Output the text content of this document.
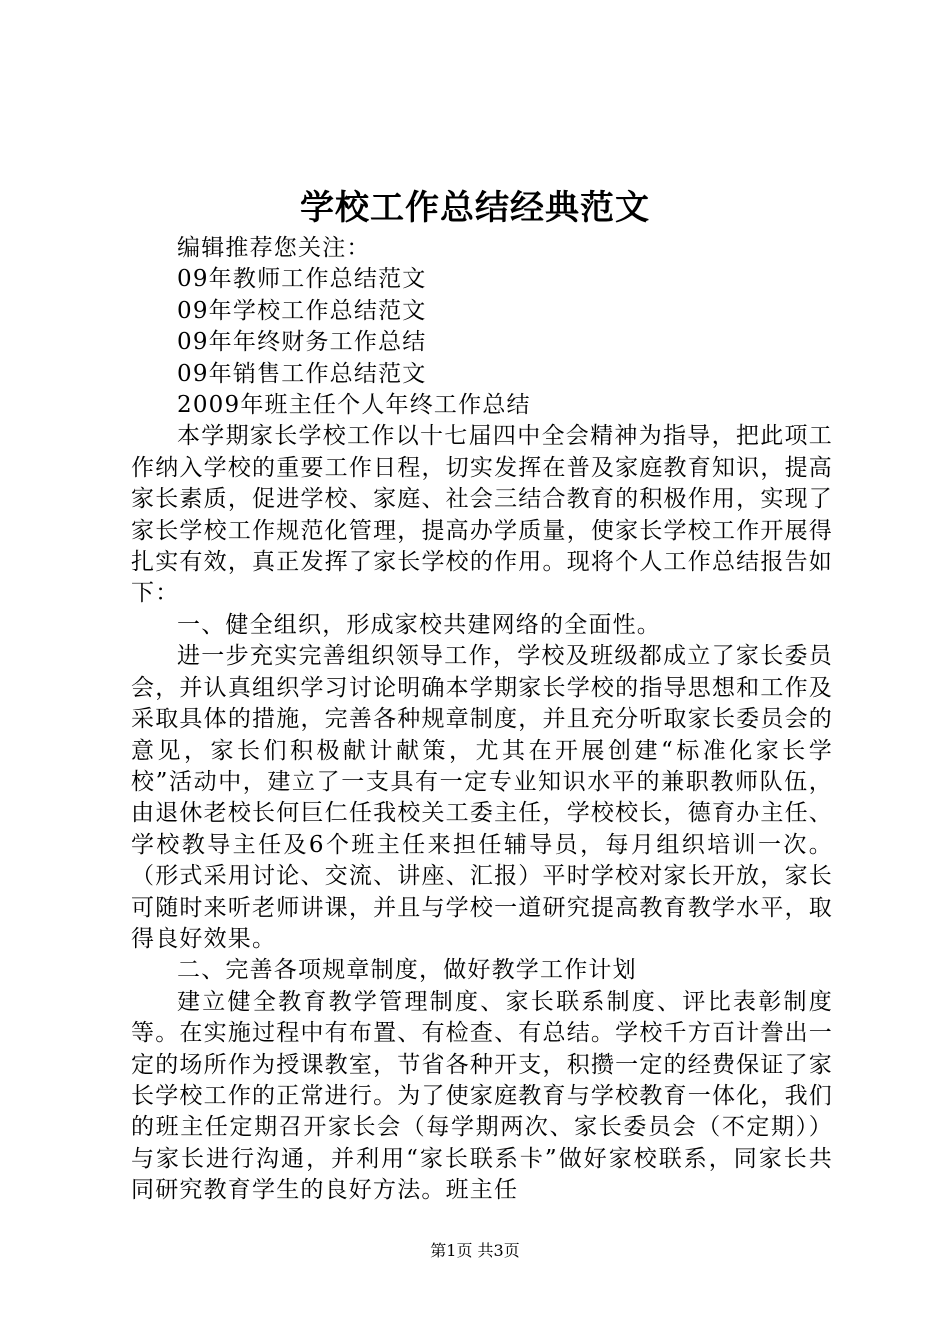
学校工作总结经典范文

编辑推荐您关注：

09年教师工作总结范文

09年学校工作总结范文

09年年终财务工作总结

09年销售工作总结范文

2009年班主任个人年终工作总结

本学期家长学校工作以十七届四中全会精神为指导，把此项工作纳入学校的重要工作日程，切实发挥在普及家庭教育知识，提高家长素质，促进学校、家庭、社会三结合教育的积极作用，实现了家长学校工作规范化管理，提高办学质量，使家长学校工作开展得扎实有效，真正发挥了家长学校的作用。现将个人工作总结报告如下：

一、健全组织，形成家校共建网络的全面性。

进一步充实完善组织领导工作，学校及班级都成立了家长委员会，并认真组织学习讨论明确本学期家长学校的指导思想和工作及采取具体的措施，完善各种规章制度，并且充分听取家长委员会的意见，家长们积极献计献策，尤其在开展创建“标准化家长学校”活动中，建立了一支具有一定专业知识水平的兼职教师队伍，由退休老校长何巨仁任我校关工委主任，学校校长，德育办主任、学校教导主任及6个班主任来担任辅导员，每月组织培训一次。（形式采用讨论、交流、讲座、汇报）平时学校对家长开放，家长可随时来听老师讲课，并且与学校一道研究提高教育教学水平，取得良好效果。

二、完善各项规章制度，做好教学工作计划

建立健全教育教学管理制度、家长联系制度、评比表彰制度等。在实施过程中有布置、有检查、有总结。学校千方百计誊出一定的场所作为授课教室，节省各种开支，积攒一定的经费保证了家长学校工作的正常进行。为了使家庭教育与学校教育一体化，我们的班主任定期召开家长会（每学期两次、家长委员会（不定期））与家长进行沟通，并利用“家长联系卡”做好家校联系，同家长共同研究教育学生的良好方法。班主任

第1页 共3页
